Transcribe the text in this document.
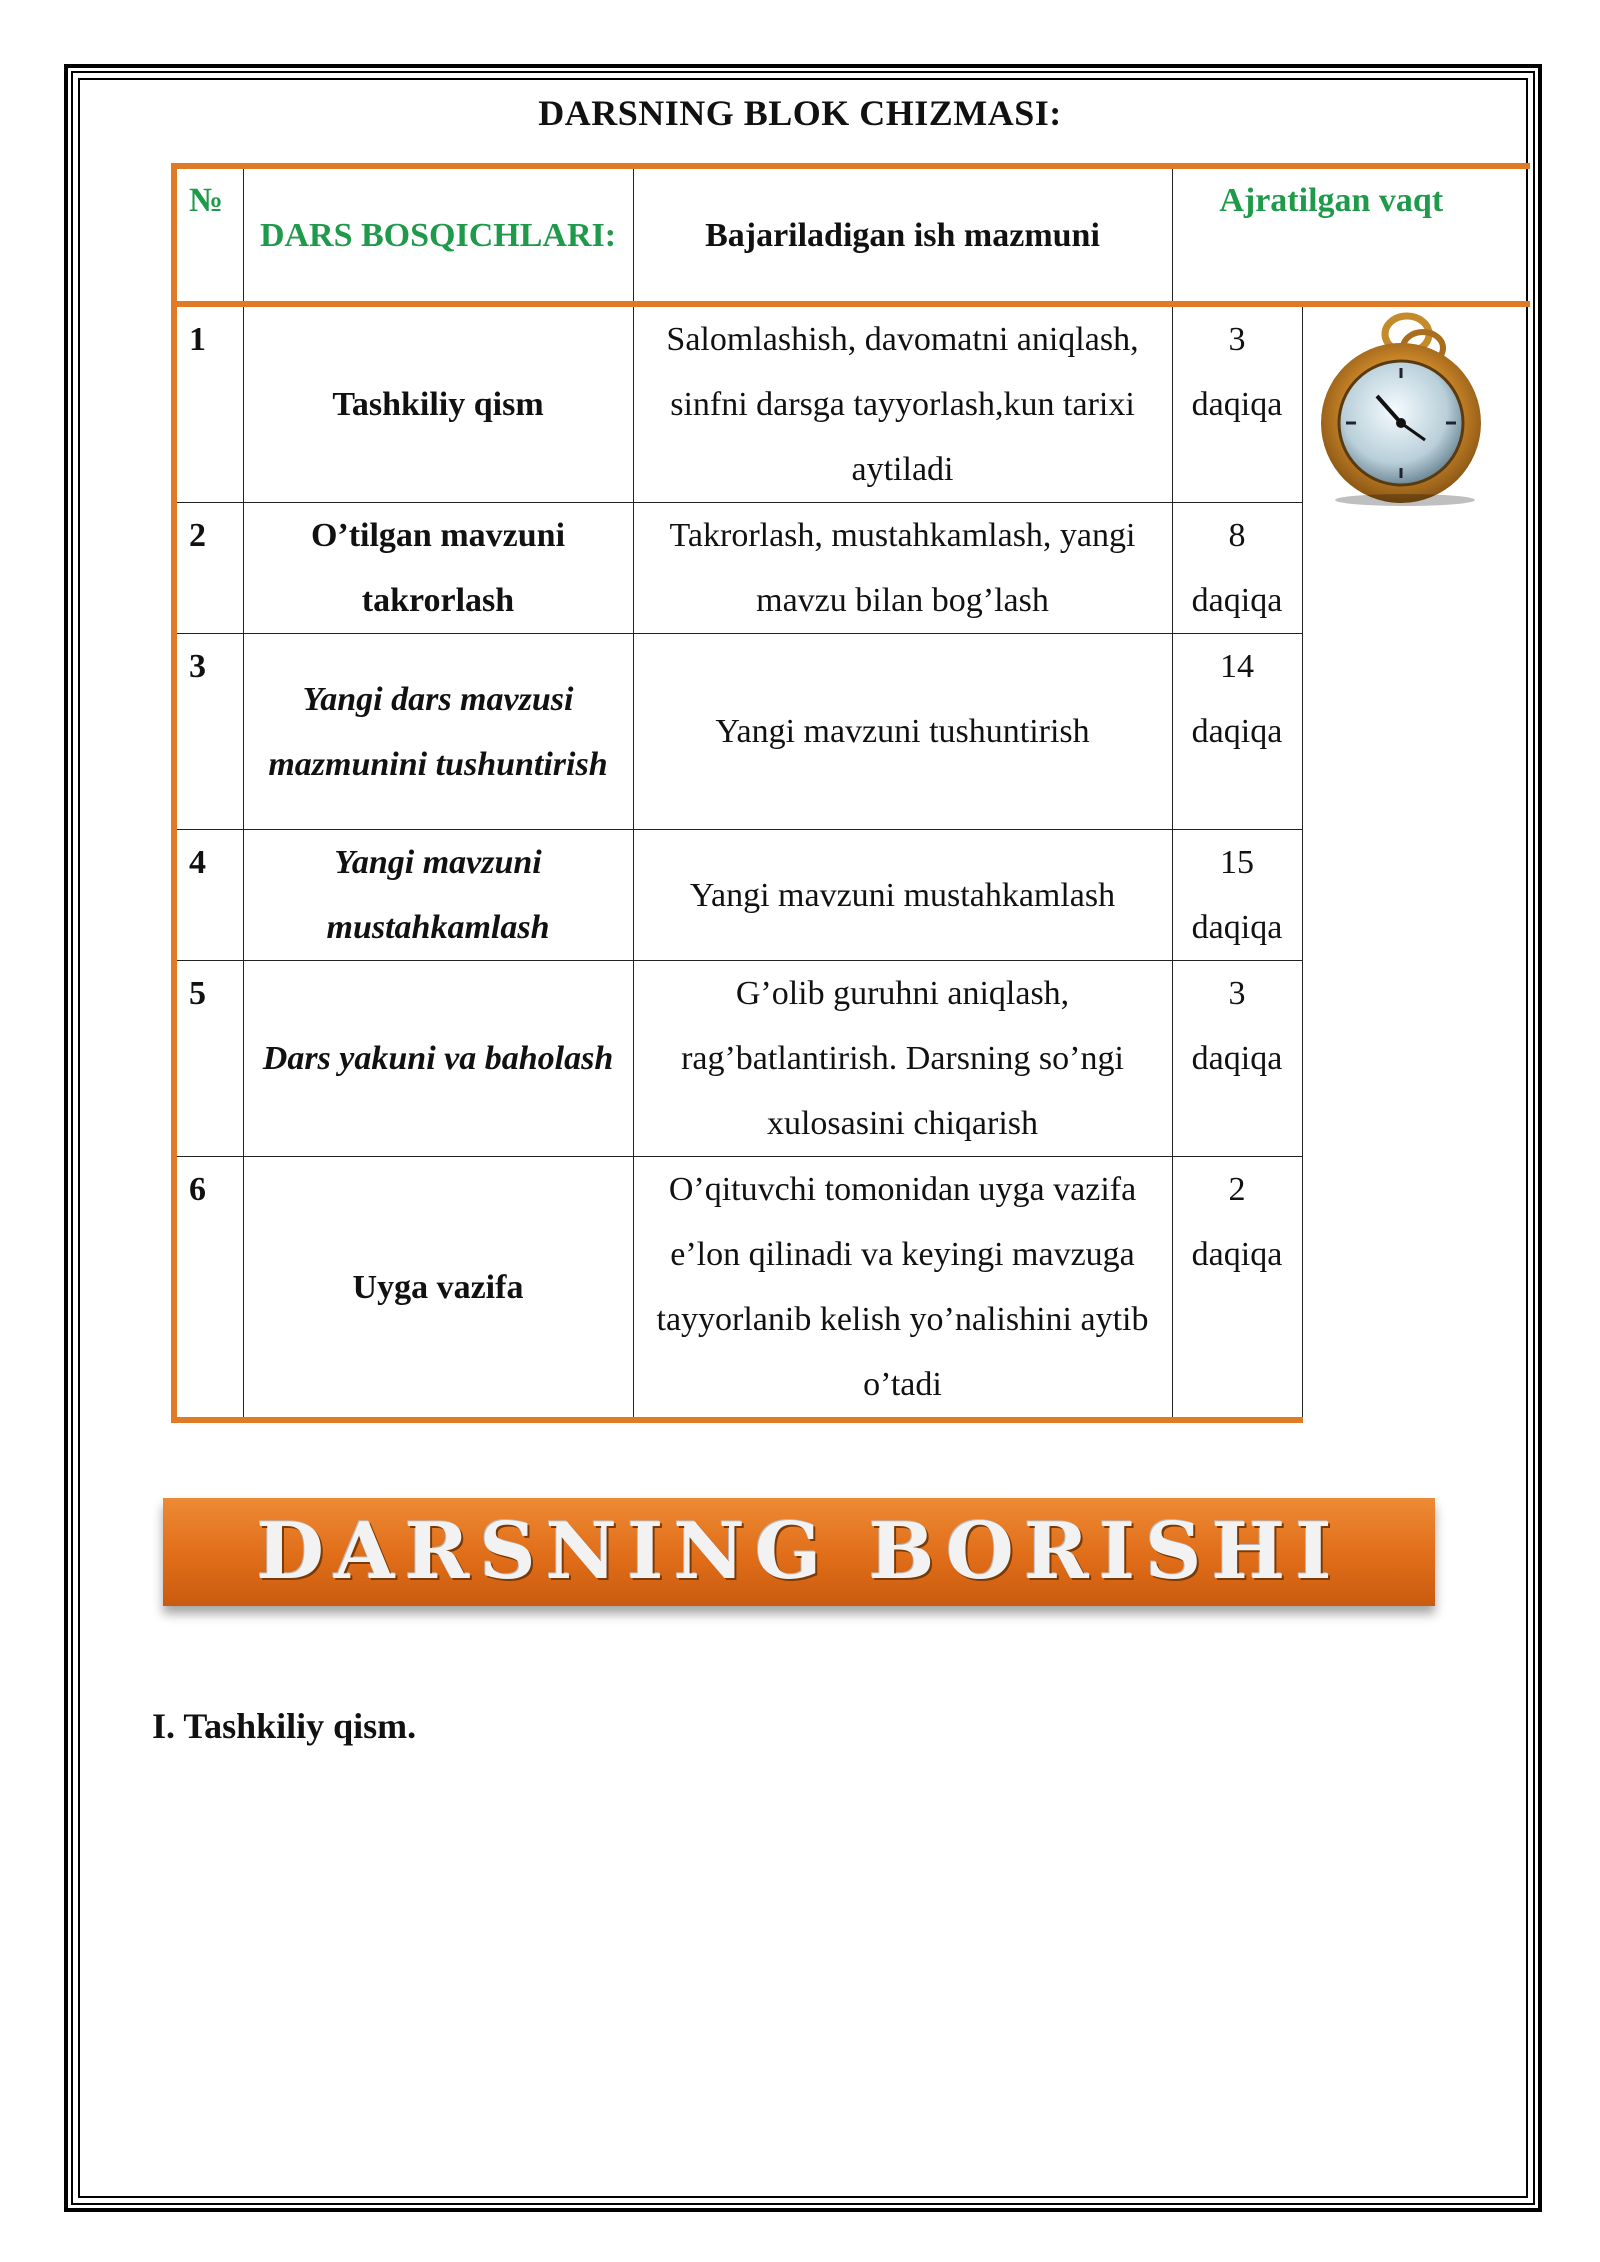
DARSNING BLOK CHIZMASI:
№	DARS BOSQICHLARI:	Bajariladigan ish mazmuni	Ajratilgan vaqt	
1	Tashkiliy qism	Salomlashish, davomatni aniqlash, sinfni darsga tayyorlash,kun tarixi aytiladi	3
daqiqa	

2	O’tilgan mavzuni takrorlash	Takrorlash, mustahkamlash, yangi mavzu bilan bog’lash	8
daqiqa	

3	Yangi dars mavzusi mazmunini tushuntirish	Yangi mavzuni tushuntirish	14
daqiqa	

4	Yangi mavzuni mustahkamlash	Yangi mavzuni mustahkamlash	15
daqiqa	

5	Dars yakuni va baholash	G’olib guruhni aniqlash, rag’batlantirish. Darsning so’ngi xulosasini chiqarish	3
daqiqa	

6	Uyga vazifa	O’qituvchi tomonidan uyga vazifa e’lon qilinadi va keyingi mavzuga tayyorlanib kelish yo’nalishini aytib o’tadi	2
daqiqa	
DARSNING BORISHI
I. Tashkiliy qism.
